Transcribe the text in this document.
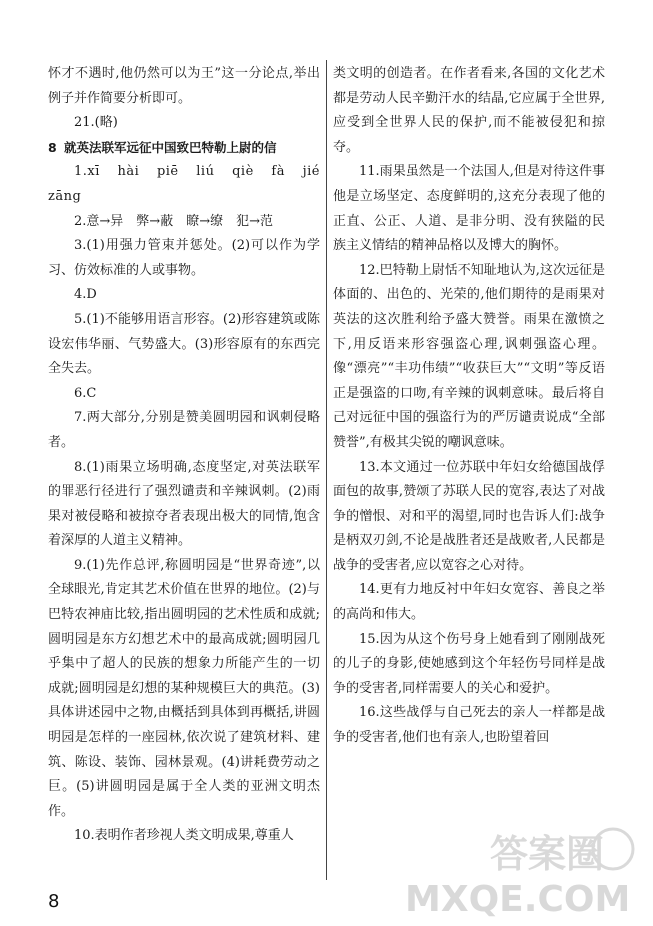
怀才不遇时,他仍然可以为王”这一分论点,举出例子并作简要分析即可。

21.(略)

8 就英法联军远征中国致巴特勒上尉的信

1.xī hài piē liú qiè fà jié zāng

2.意→异　弊→蔽　瞭→缭　犯→范

3.(1)用强力管束并惩处。(2)可以作为学习、仿效标准的人或事物。

4.D

5.(1)不能够用语言形容。(2)形容建筑或陈设宏伟华丽、气势盛大。(3)形容原有的东西完全失去。

6.C

7.两大部分,分别是赞美圆明园和讽刺侵略者。

8.(1)雨果立场明确,态度坚定,对英法联军的罪恶行径进行了强烈谴责和辛辣讽刺。(2)雨果对被侵略和被掠夺者表现出极大的同情,饱含着深厚的人道主义精神。

9.(1)先作总评,称圆明园是“世界奇迹”,以全球眼光,肯定其艺术价值在世界的地位。(2)与巴特农神庙比较,指出圆明园的艺术性质和成就;圆明园是东方幻想艺术中的最高成就;圆明园几乎集中了超人的民族的想象力所能产生的一切成就;圆明园是幻想的某种规模巨大的典范。(3)具体讲述园中之物,由概括到具体到再概括,讲圆明园是怎样的一座园林,依次说了建筑材料、建筑、陈设、装饰、园林景观。(4)讲耗费劳动之巨。(5)讲圆明园是属于全人类的亚洲文明杰作。

10.表明作者珍视人类文明成果,尊重人

类文明的创造者。在作者看来,各国的文化艺术都是劳动人民辛勤汗水的结晶,它应属于全世界,应受到全世界人民的保护,而不能被侵犯和掠夺。

11.雨果虽然是一个法国人,但是对待这件事他是立场坚定、态度鲜明的,这充分表现了他的正直、公正、人道、是非分明、没有狭隘的民族主义情结的精神品格以及博大的胸怀。

12.巴特勒上尉恬不知耻地认为,这次远征是体面的、出色的、光荣的,他们期待的是雨果对英法的这次胜利给予盛大赞誉。雨果在激愤之下,用反语来形容强盗心理,讽刺强盗心理。像“漂亮”“丰功伟绩”“收获巨大”“文明”等反语正是强盗的口吻,有辛辣的讽刺意味。最后将自己对远征中国的强盗行为的严厉谴责说成“全部赞誉”,有极其尖锐的嘲讽意味。

13.本文通过一位苏联中年妇女给德国战俘面包的故事,赞颂了苏联人民的宽容,表达了对战争的憎恨、对和平的渴望,同时也告诉人们:战争是柄双刃剑,不论是战胜者还是战败者,人民都是战争的受害者,应以宽容之心对待。

14.更有力地反衬中年妇女宽容、善良之举的高尚和伟大。

15.因为从这个伤号身上她看到了刚刚战死的儿子的身影,使她感到这个年轻伤号同样是战争的受害者,同样需要人的关心和爱护。

16.这些战俘与自己死去的亲人一样都是战争的受害者,他们也有亲人,也盼望着回

8
答案圈
MXQE.COM
